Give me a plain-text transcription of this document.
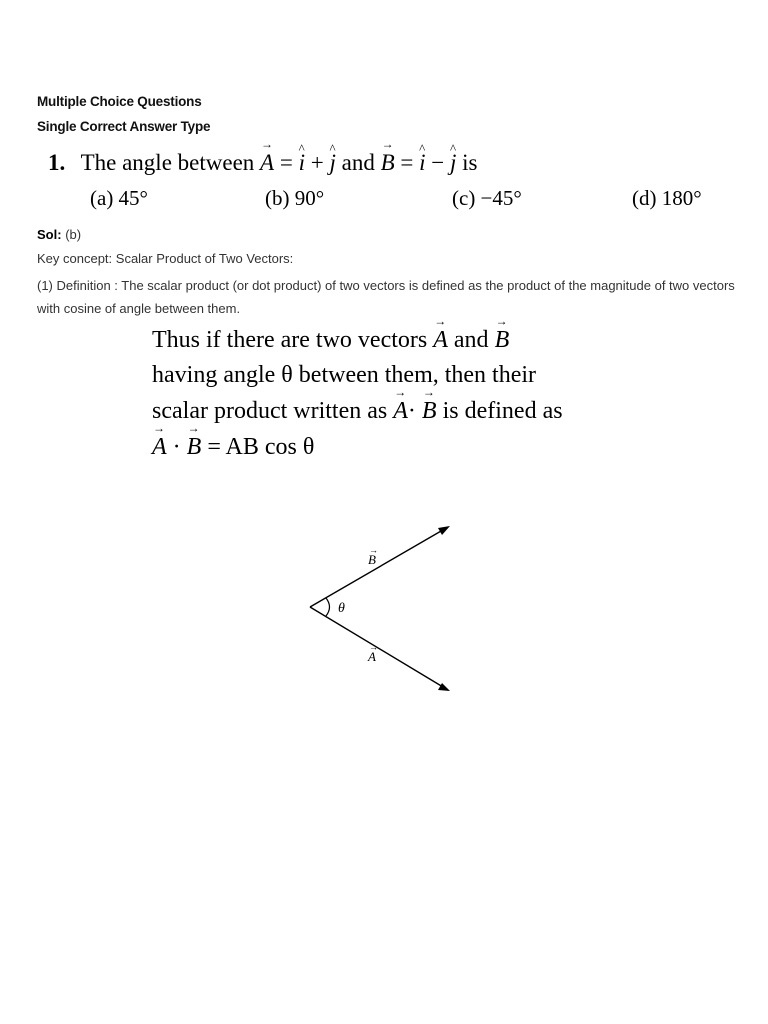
Multiple Choice Questions
Single Correct Answer Type
1. The angle between → A = ^ i + ^ j and → B = ^ i − ^ j is
(a) 45°	(b) 90°	(c) −45°	(d) 180°
Sol: (b)
Key concept: Scalar Product of Two Vectors:
(1) Definition : The scalar product (or dot product) of two vectors is defined as the product of the magnitude of two vectors with cosine of angle between them.
Thus if there are two vectors → A and → B
having angle θ between them, then their
scalar product written as → A· → B is defined as
→ A · → B = AB cos θ
θ
B
A
→
→
